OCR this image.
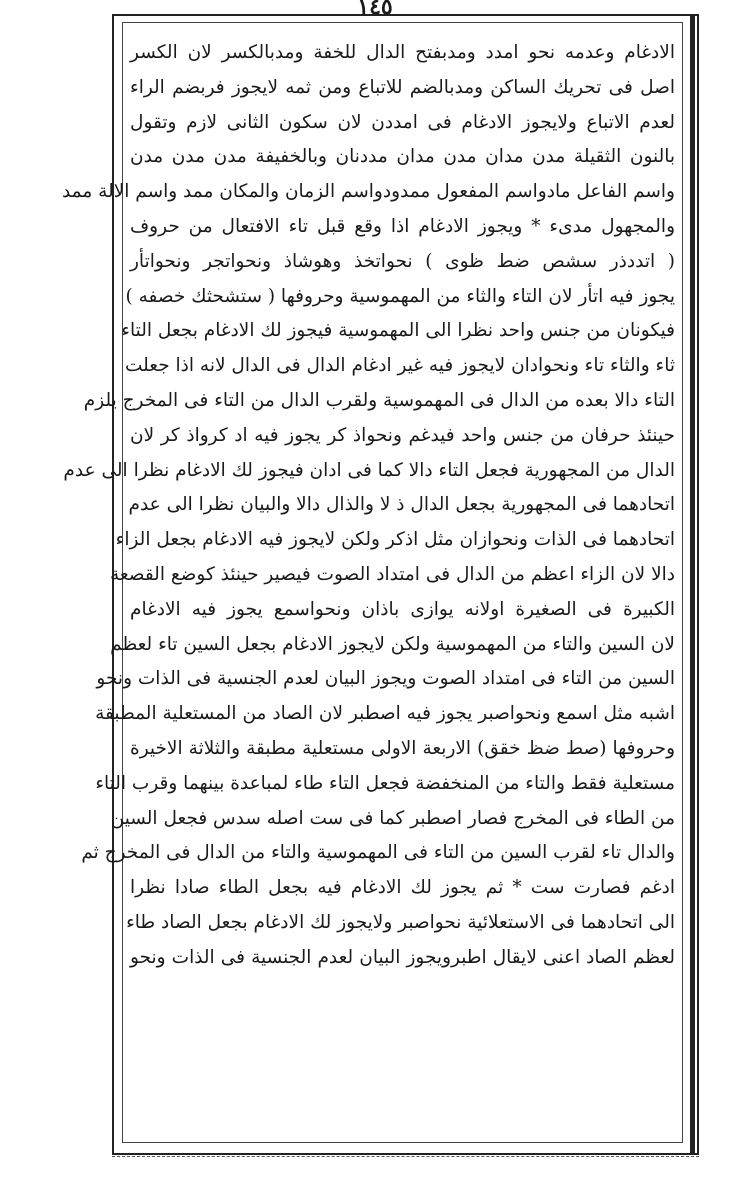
١٤٥
الادغام وعدمه نحو امدد ومدبفتح الدال للخفة ومدبالكسر لان الكسر
اصل فى تحريك الساكن ومدبالضم للاتباع ومن ثمه لايجوز فربضم الراء
لعدم الاتباع ولايجوز الادغام فى امددن لان سكون الثانى لازم وتقول
بالنون الثقيلة مدن مدان مدن مدان مددنان وبالخفيفة مدن مدن مدن
واسم الفاعل مادواسم المفعول ممدودواسم الزمان والمكان ممد واسم الالة ممد
والمجهول مدىء * ويجوز الادغام اذا وقع قبل تاء الافتعال من حروف
( اتددذر سشص ضط ظوى ) نحواتخذ وهوشاذ ونحواتجر ونحواتأر
يجوز فيه اتأر لان التاء والثاء من المهموسية وحروفها ( ستشحثك خصفه )
فيكونان من جنس واحد نظرا الى المهموسية فيجوز لك الادغام بجعل التاء
ثاء والثاء تاء ونحوادان لايجوز فيه غير ادغام الدال فى الدال لانه اذا جعلت
التاء دالا بعده من الدال فى المهموسية ولقرب الدال من التاء فى المخرج يلزم
حينئذ حرفان من جنس واحد فيدغم ونحواذ كر يجوز فيه اد كرواذ كر لان
الدال من المجهورية فجعل التاء دالا كما فى ادان فيجوز لك الادغام نظرا الى عدم
اتحادهما فى المجهورية بجعل الدال ذ لا والذال دالا والبيان نظرا الى عدم
اتحادهما فى الذات ونحوازان مثل اذكر ولكن لايجوز فيه الادغام بجعل الزاء
دالا لان الزاء اعظم من الدال فى امتداد الصوت فيصير حينئذ كوضع القصعة
الكبيرة فى الصغيرة اولانه يوازى باذان ونحواسمع يجوز فيه الادغام
لان السين والتاء من المهموسية ولكن لايجوز الادغام بجعل السين تاء لعظم
السين من التاء فى امتداد الصوت ويجوز البيان لعدم الجنسية فى الذات ونحو
اشبه مثل اسمع ونحواصبر يجوز فيه اصطبر لان الصاد من المستعلية المطبقة
وحروفها (صط ضظ خقق) الاربعة الاولى مستعلية مطبقة والثلاثة الاخيرة
مستعلية فقط والتاء من المنخفضة فجعل التاء طاء لمباعدة بينهما وقرب التاء
من الطاء فى المخرج فصار اصطبر كما فى ست اصله سدس فجعل السين
والدال تاء لقرب السين من التاء فى المهموسية والتاء من الدال فى المخرج ثم
ادغم فصارت ست * ثم يجوز لك الادغام فيه بجعل الطاء صادا نظرا
الى اتحادهما فى الاستعلائية نحواصبر ولايجوز لك الادغام بجعل الصاد طاء
لعظم الصاد اعنى لايقال اطبرويجوز البيان لعدم الجنسية فى الذات ونحو
